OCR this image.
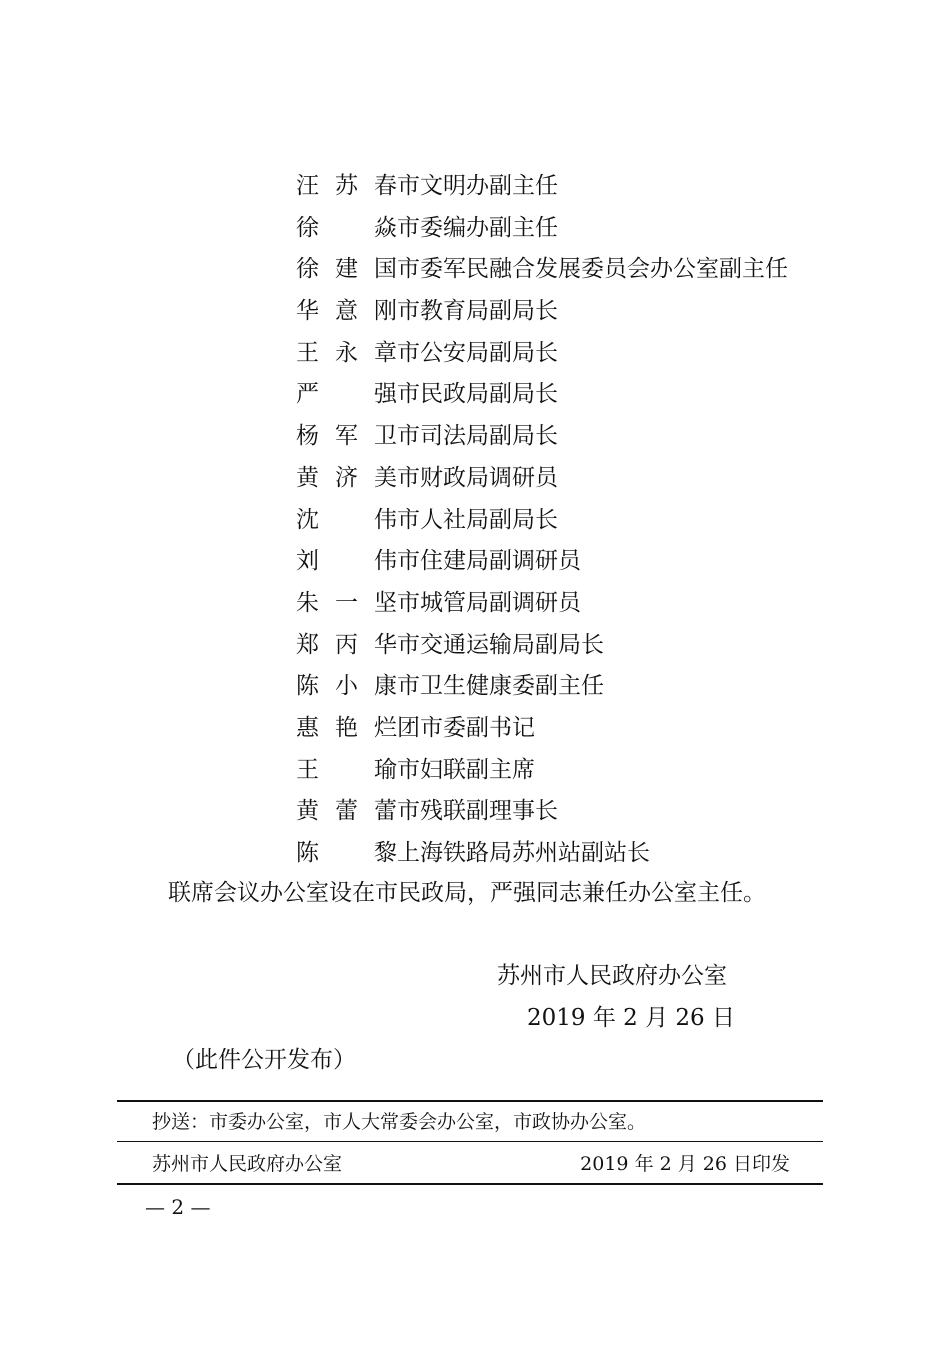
汪苏春市文明办副主任
徐 焱市委编办副主任
徐建国市委军民融合发展委员会办公室副主任
华意刚市教育局副局长
王永章市公安局副局长
严 强市民政局副局长
杨军卫市司法局副局长
黄济美市财政局调研员
沈 伟市人社局副局长
刘 伟市住建局副调研员
朱一坚市城管局副调研员
郑丙华市交通运输局副局长
陈小康市卫生健康委副主任
惠艳烂团市委副书记
王 瑜市妇联副主席
黄蕾蕾市残联副理事长
陈 黎上海铁路局苏州站副站长
联席会议办公室设在市民政局，严强同志兼任办公室主任。
苏州市人民政府办公室
2019 年 2 月 26 日
（此件公开发布）
抄送：市委办公室，市人大常委会办公室，市政协办公室。
苏州市人民政府办公室	2019 年 2 月 26 日印发
— 2 —
